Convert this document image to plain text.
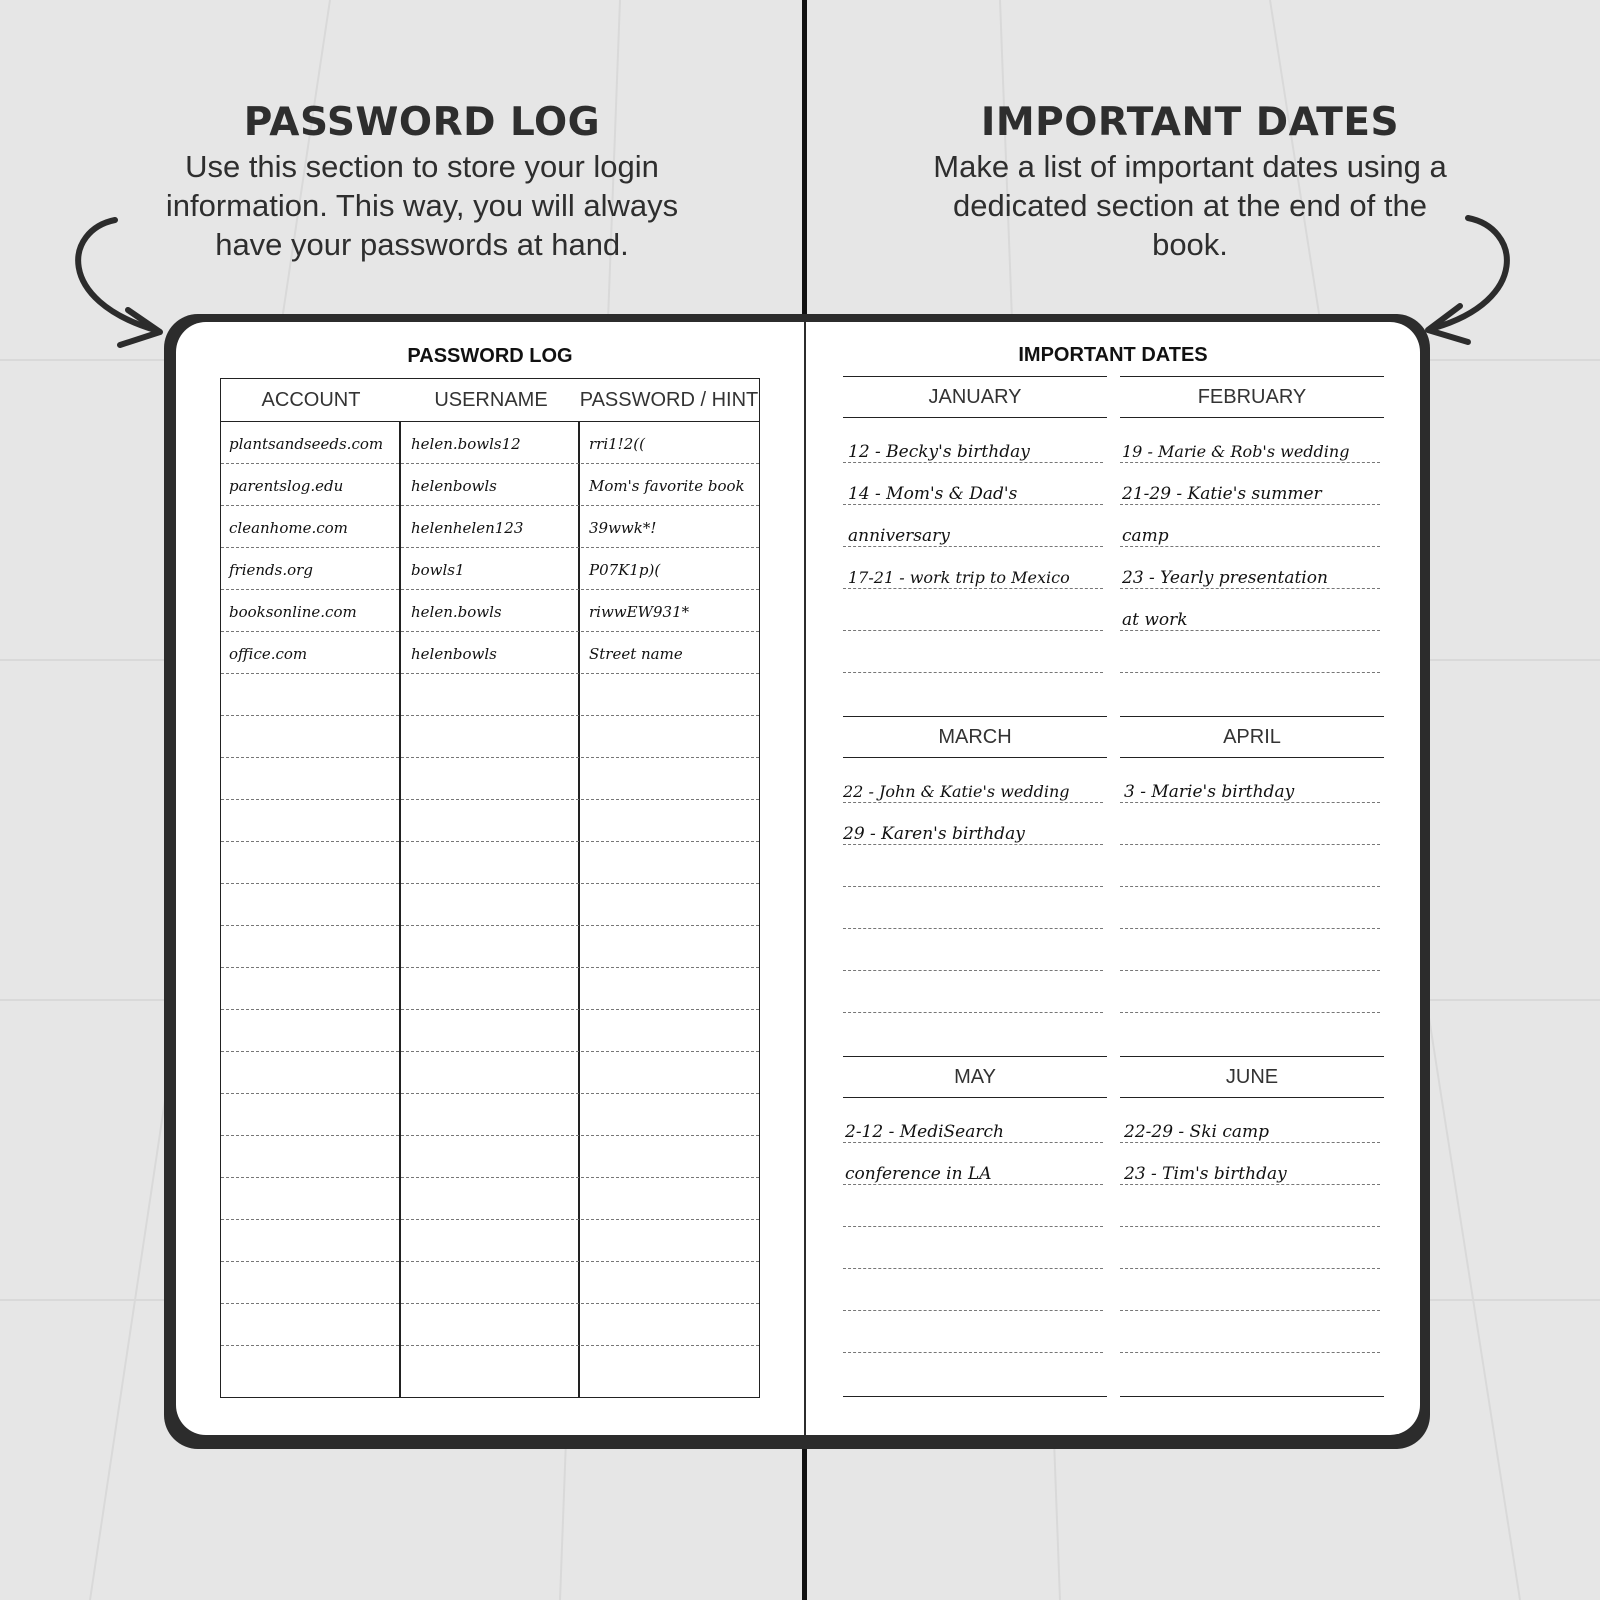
PASSWORD LOG

Use this section to store your login
information. This way, you will always
have your passwords at hand.

IMPORTANT DATES

Make a list of important dates using a
dedicated section at the end of the
book.

PASSWORD LOG
ACCOUNT	USERNAME	PASSWORD / HINT
plantsandseeds.com helen.bowls12	rri1!2((
parentslog.edu	helenbowls	Mom's favorite book
cleanhome.com	helenhelen123	39wwk*!
friends.org	bowls1	P07K1p)(
booksonline.com	helen.bowls	riwwEW931*
office.com	helenbowls	Street name
IMPORTANT DATES
JANUARY
12 - Becky's birthday
14 - Mom's & Dad's
anniversary
17-21 - work trip to Mexico
FEBRUARY
19 - Marie & Rob's wedding
21-29 - Katie's summer
camp
23 - Yearly presentation
at work
MARCH
22 - John & Katie's wedding
29 - Karen's birthday
APRIL
3 - Marie's birthday
MAY
2-12 - MediSearch
conference in LA
JUNE
22-29 - Ski camp
23 - Tim's birthday
